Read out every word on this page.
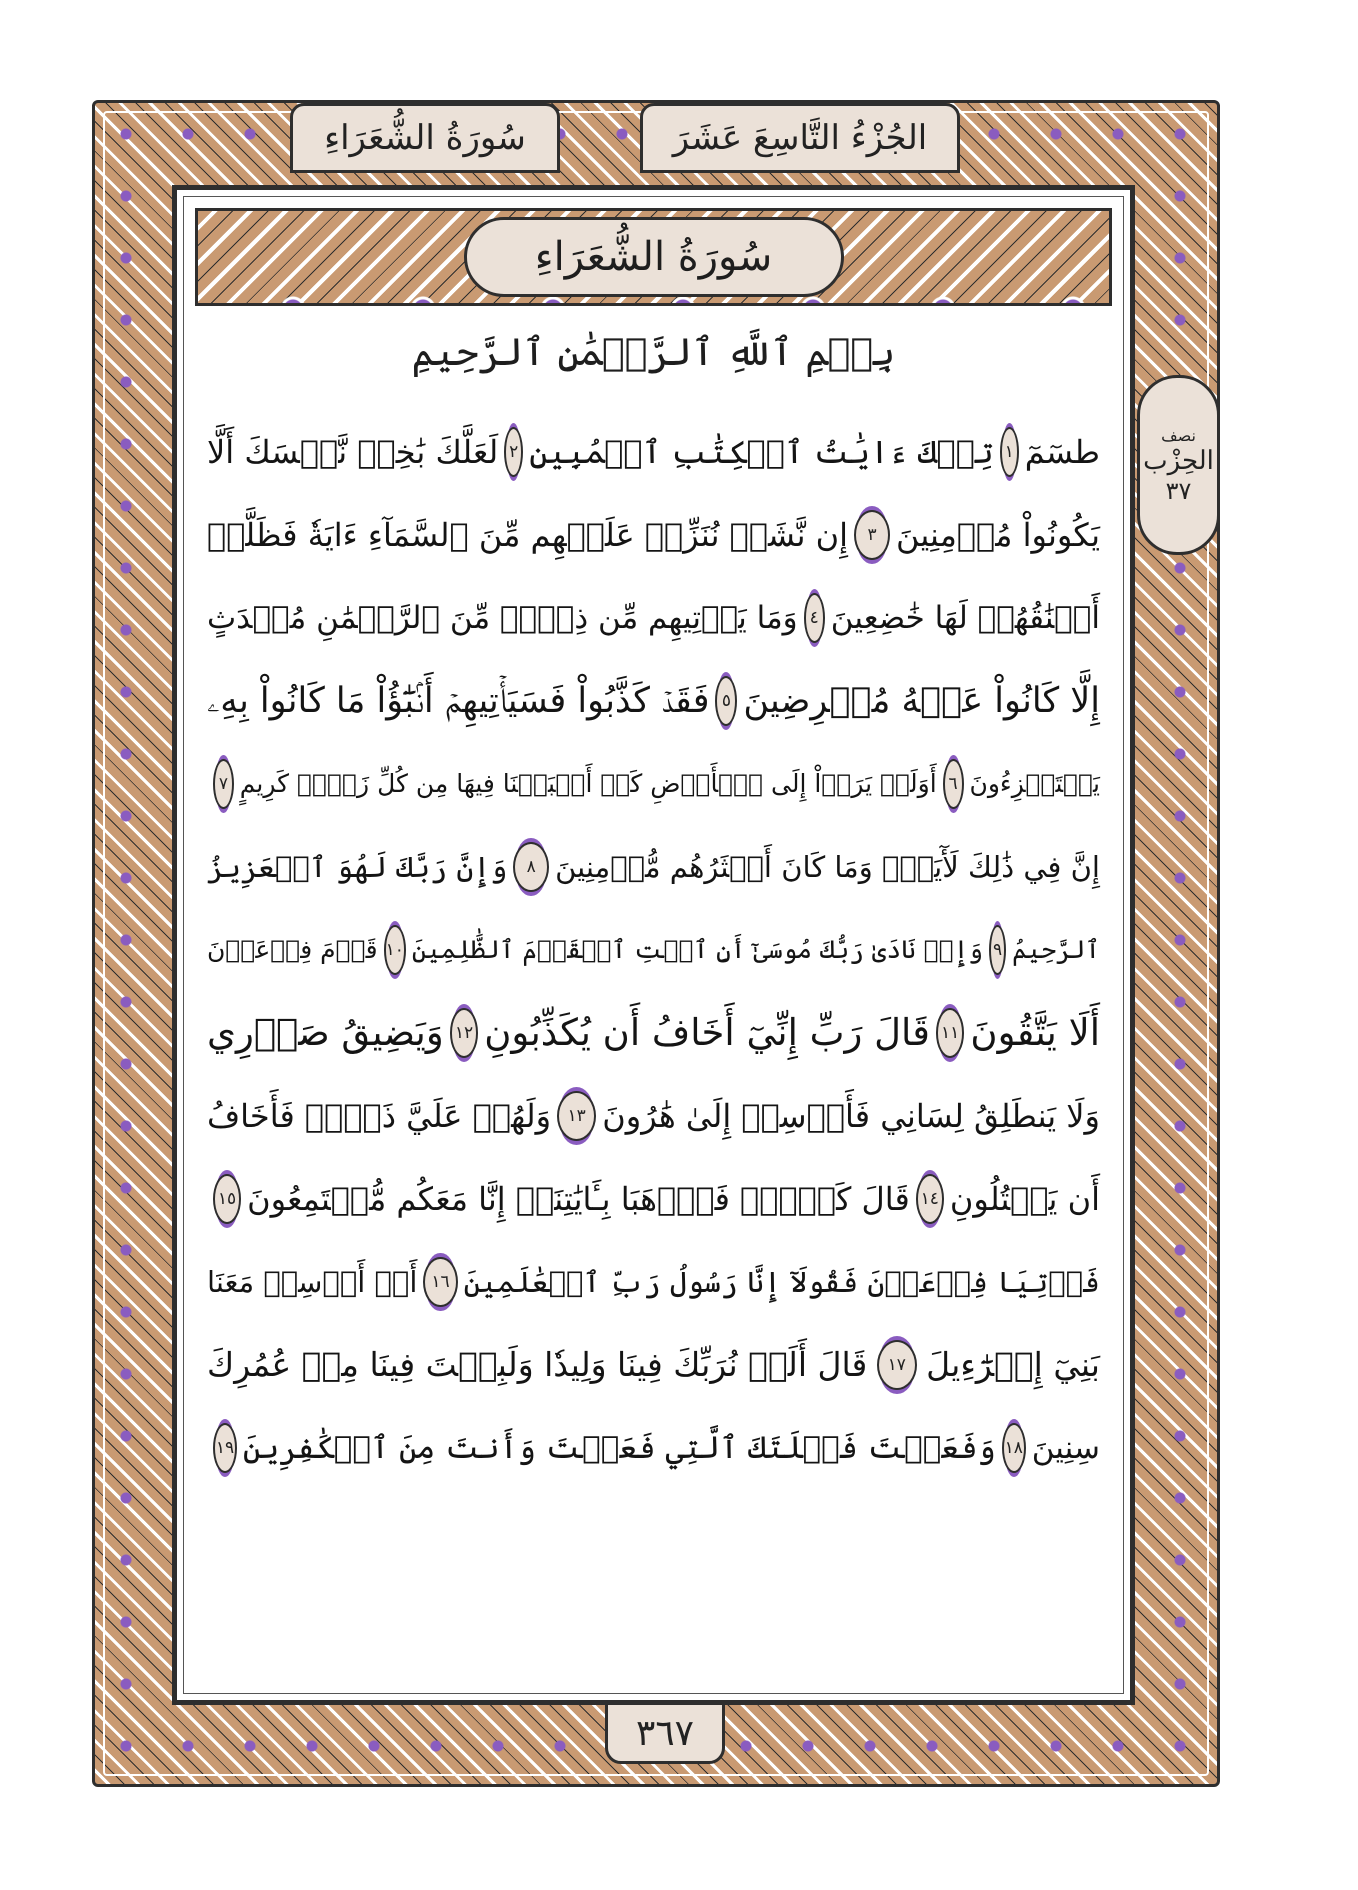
سُورَةُ الشُّعَرَاءِ	الجُزْءُ التَّاسِعَ عَشَرَ
نصف
الحِزْب
٣٧
سُورَةُ الشُّعَرَاءِ
بِسۡمِ ٱللَّهِ ٱلرَّحۡمَٰنِ ٱلرَّحِيمِ
طسٓمٓ
١
تِلۡكَ ءَايَٰتُ ٱلۡكِتَٰبِ ٱلۡمُبِينِ
٢
لَعَلَّكَ بَٰخِعٞ نَّفۡسَكَ أَلَّا
يَكُونُواْ مُؤۡمِنِينَ
٣
إِن نَّشَأۡ نُنَزِّلۡ عَلَيۡهِم مِّنَ ٱلسَّمَآءِ ءَايَةٗ فَظَلَّتۡ
أَعۡنَٰقُهُمۡ لَهَا خَٰضِعِينَ
٤
وَمَا يَأۡتِيهِم مِّن ذِكۡرٖ مِّنَ ٱلرَّحۡمَٰنِ مُحۡدَثٍ
إِلَّا كَانُواْ عَنۡهُ مُعۡرِضِينَ
٥
فَقَدۡ كَذَّبُواْ فَسَيَأۡتِيهِمۡ أَنۢبَٰٓؤُاْ مَا كَانُواْ بِهِۦ
يَسۡتَهۡزِءُونَ
٦
أَوَلَمۡ يَرَوۡاْ إِلَى ٱلۡأَرۡضِ كَمۡ أَنۢبَتۡنَا فِيهَا مِن كُلِّ زَوۡجٖ كَرِيمٍ
٧
إِنَّ فِي ذَٰلِكَ لَأٓيَةٗۖ وَمَا كَانَ أَكۡثَرُهُم مُّؤۡمِنِينَ
٨
وَإِنَّ رَبَّكَ لَهُوَ ٱلۡعَزِيزُ
ٱلرَّحِيمُ
٩
وَإِذۡ نَادَىٰ رَبُّكَ مُوسَىٰٓ أَنِ ٱئۡتِ ٱلۡقَوۡمَ ٱلظَّٰلِمِينَ
١٠
قَوۡمَ فِرۡعَوۡنَ
أَلَا يَتَّقُونَ
١١
قَالَ رَبِّ إِنِّيٓ أَخَافُ أَن يُكَذِّبُونِ
١٢
وَيَضِيقُ صَدۡرِي
وَلَا يَنطَلِقُ لِسَانِي فَأَرۡسِلۡ إِلَىٰ هَٰرُونَ
١٣
وَلَهُمۡ عَلَيَّ ذَنۢبٞ فَأَخَافُ
أَن يَقۡتُلُونِ
١٤
قَالَ كَلَّاۖ فَٱذۡهَبَا بِـَٔايَٰتِنَآۖ إِنَّا مَعَكُم مُّسۡتَمِعُونَ
١٥
فَأۡتِيَا فِرۡعَوۡنَ فَقُولَآ إِنَّا رَسُولُ رَبِّ ٱلۡعَٰلَمِينَ
١٦
أَنۡ أَرۡسِلۡ مَعَنَا
بَنِيٓ إِسۡرَٰٓءِيلَ
١٧
قَالَ أَلَمۡ نُرَبِّكَ فِينَا وَلِيدٗا وَلَبِثۡتَ فِينَا مِنۡ عُمُرِكَ
سِنِينَ
١٨
وَفَعَلۡتَ فَعۡلَتَكَ ٱلَّتِي فَعَلۡتَ وَأَنتَ مِنَ ٱلۡكَٰفِرِينَ
١٩
٣٦٧
